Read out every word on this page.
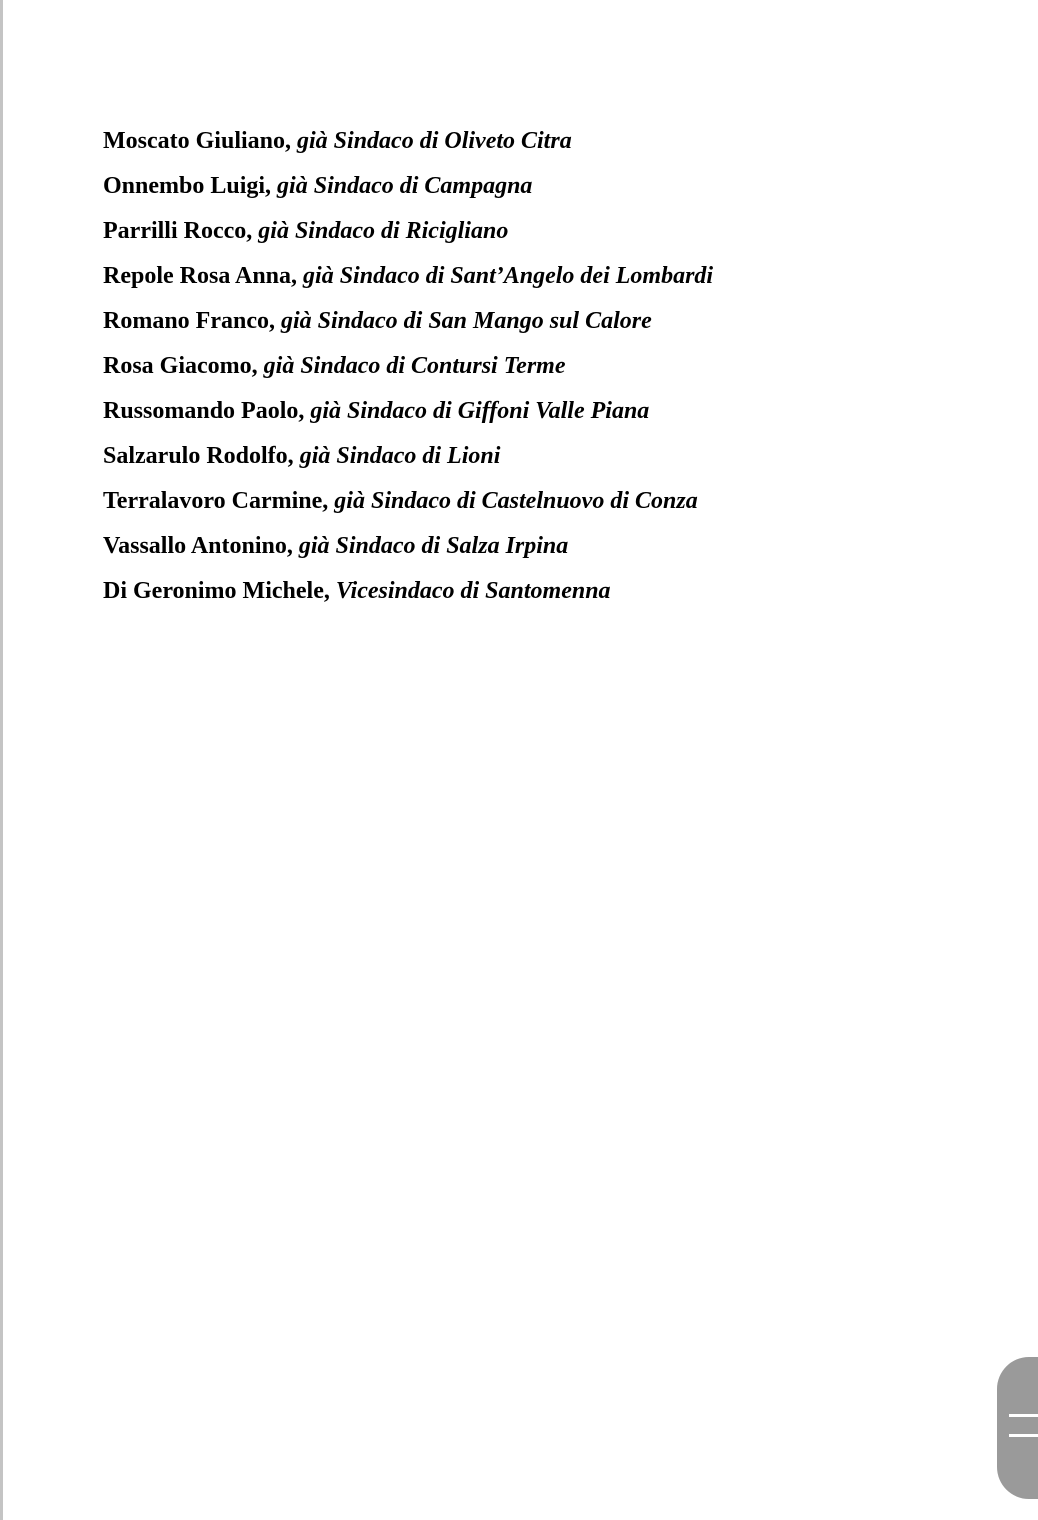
Moscato Giuliano, già Sindaco di Oliveto Citra
Onnembo Luigi, già Sindaco di Campagna
Parrilli Rocco, già Sindaco di Ricigliano
Repole Rosa Anna, già Sindaco di Sant’Angelo dei Lombardi
Romano Franco, già Sindaco di San Mango sul Calore
Rosa Giacomo, già Sindaco di Contursi Terme
Russomando Paolo, già Sindaco di Giffoni Valle Piana
Salzarulo Rodolfo, già Sindaco di Lioni
Terralavoro Carmine, già Sindaco di Castelnuovo di Conza
Vassallo Antonino, già Sindaco di Salza Irpina
Di Geronimo Michele, Vicesindaco di Santomenna
